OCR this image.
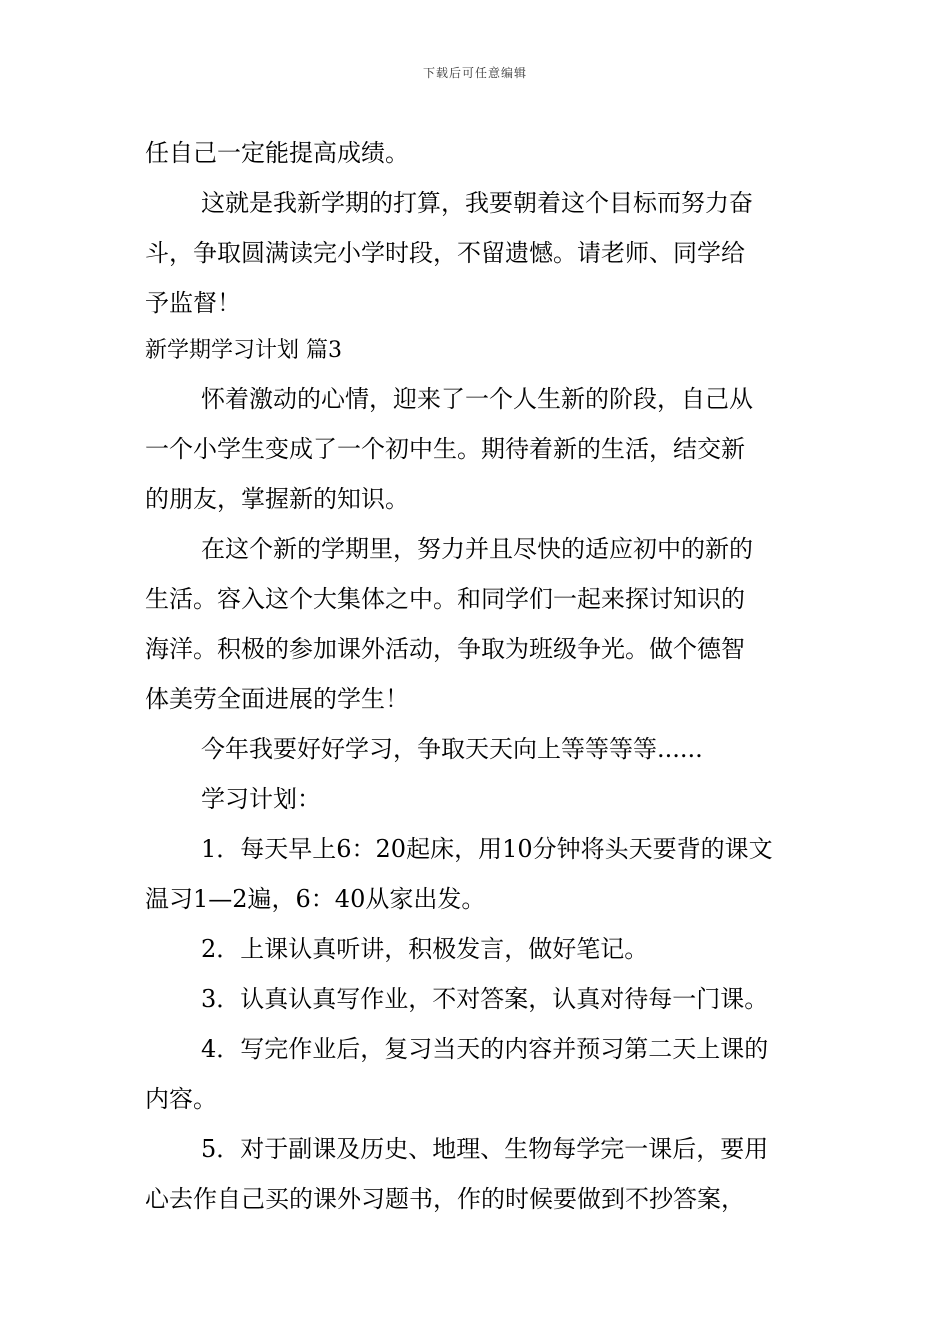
下载后可任意编辑
任自己一定能提高成绩。
这就是我新学期的打算，我要朝着这个目标而努力奋
斗，争取圆满读完小学时段，不留遗憾。请老师、同学给
予监督！
新学期学习计划 篇3
怀着激动的心情，迎来了一个人生新的阶段，自己从
一个小学生变成了一个初中生。期待着新的生活，结交新
的朋友，掌握新的知识。
在这个新的学期里，努力并且尽快的适应初中的新的
生活。容入这个大集体之中。和同学们一起来探讨知识的
海洋。积极的参加课外活动，争取为班级争光。做个德智
体美劳全面进展的学生！
今年我要好好学习，争取天天向上等等等等......
学习计划：
1．每天早上6：20起床，用10分钟将头天要背的课文
温习1—2遍，6：40从家出发。
2．上课认真听讲，积极发言，做好笔记。
3．认真认真写作业，不对答案，认真对待每一门课。
4．写完作业后，复习当天的内容并预习第二天上课的
内容。
5．对于副课及历史、地理、生物每学完一课后，要用
心去作自己买的课外习题书，作的时候要做到不抄答案，
